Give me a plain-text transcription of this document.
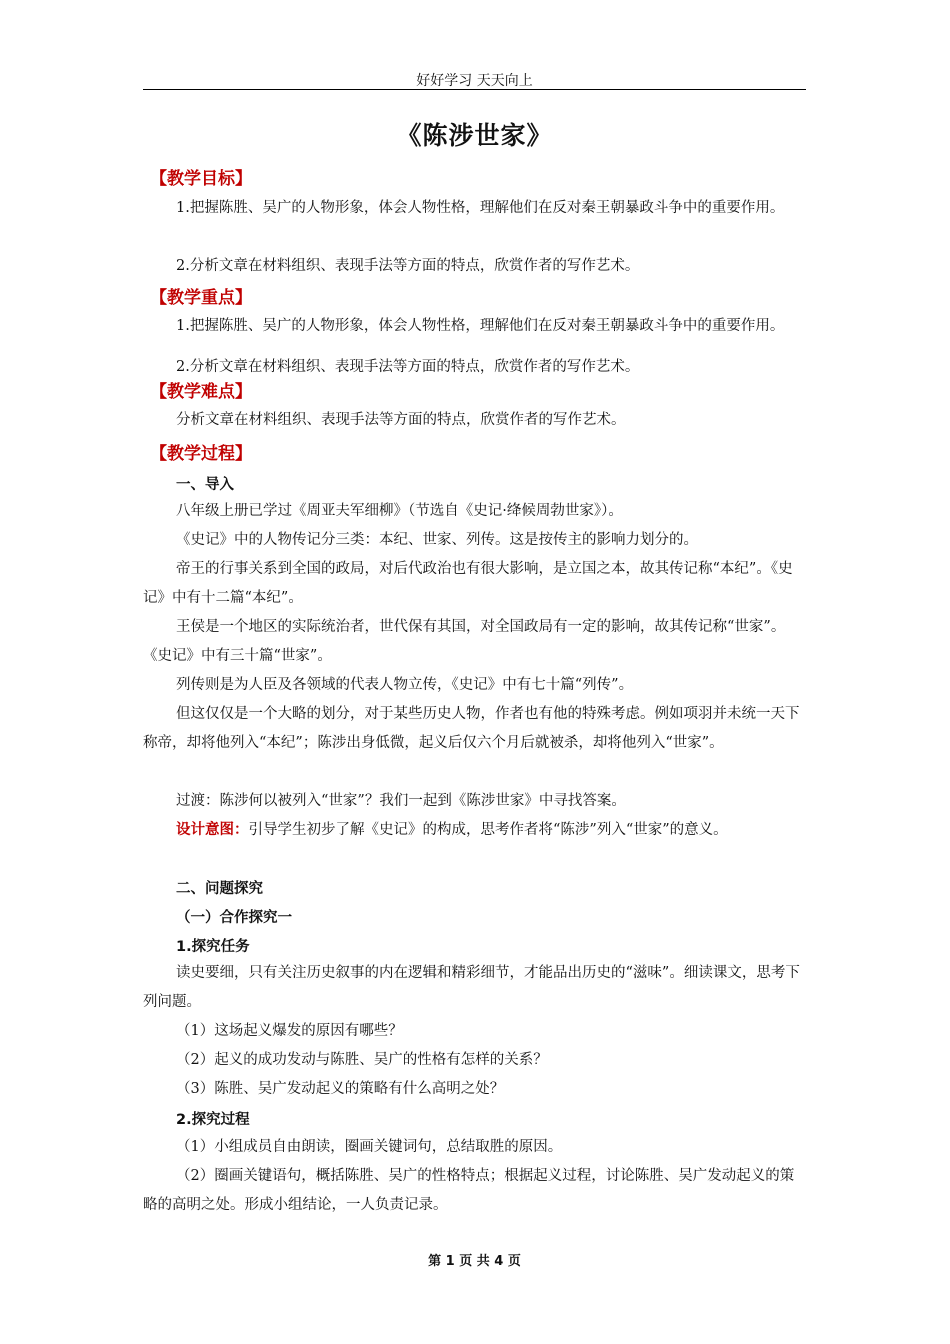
好好学习 天天向上
《陈涉世家》
【教学目标】
1.把握陈胜、吴广的人物形象，体会人物性格，理解他们在反对秦王朝暴政斗争中的重要作用。
2.分析文章在材料组织、表现手法等方面的特点，欣赏作者的写作艺术。
【教学重点】
1.把握陈胜、吴广的人物形象，体会人物性格，理解他们在反对秦王朝暴政斗争中的重要作用。
2.分析文章在材料组织、表现手法等方面的特点，欣赏作者的写作艺术。
【教学难点】
分析文章在材料组织、表现手法等方面的特点，欣赏作者的写作艺术。
【教学过程】
一、导入
八年级上册已学过《周亚夫军细柳》（节选自《史记·绛候周勃世家》）。
《史记》中的人物传记分三类：本纪、世家、列传。这是按传主的影响力划分的。
帝王的行事关系到全国的政局，对后代政治也有很大影响，是立国之本，故其传记称“本纪”。《史记》中有十二篇“本纪”。
王侯是一个地区的实际统治者，世代保有其国，对全国政局有一定的影响，故其传记称“世家”。《史记》中有三十篇“世家”。
列传则是为人臣及各领域的代表人物立传，《史记》中有七十篇“列传”。
但这仅仅是一个大略的划分，对于某些历史人物，作者也有他的特殊考虑。例如项羽并未统一天下称帝，却将他列入“本纪”；陈涉出身低微，起义后仅六个月后就被杀，却将他列入“世家”。
过渡：陈涉何以被列入“世家”？我们一起到《陈涉世家》中寻找答案。
设计意图：引导学生初步了解《史记》的构成，思考作者将“陈涉”列入“世家”的意义。
二、问题探究
（一）合作探究一
1.探究任务
读史要细，只有关注历史叙事的内在逻辑和精彩细节，才能品出历史的“滋味”。细读课文，思考下列问题。
（1）这场起义爆发的原因有哪些？
（2）起义的成功发动与陈胜、吴广的性格有怎样的关系？
（3）陈胜、吴广发动起义的策略有什么高明之处？
2.探究过程
（1）小组成员自由朗读，圈画关键词句，总结取胜的原因。
（2）圈画关键语句，概括陈胜、吴广的性格特点；根据起义过程，讨论陈胜、吴广发动起义的策略的高明之处。形成小组结论，一人负责记录。
第 1 页 共 4 页
